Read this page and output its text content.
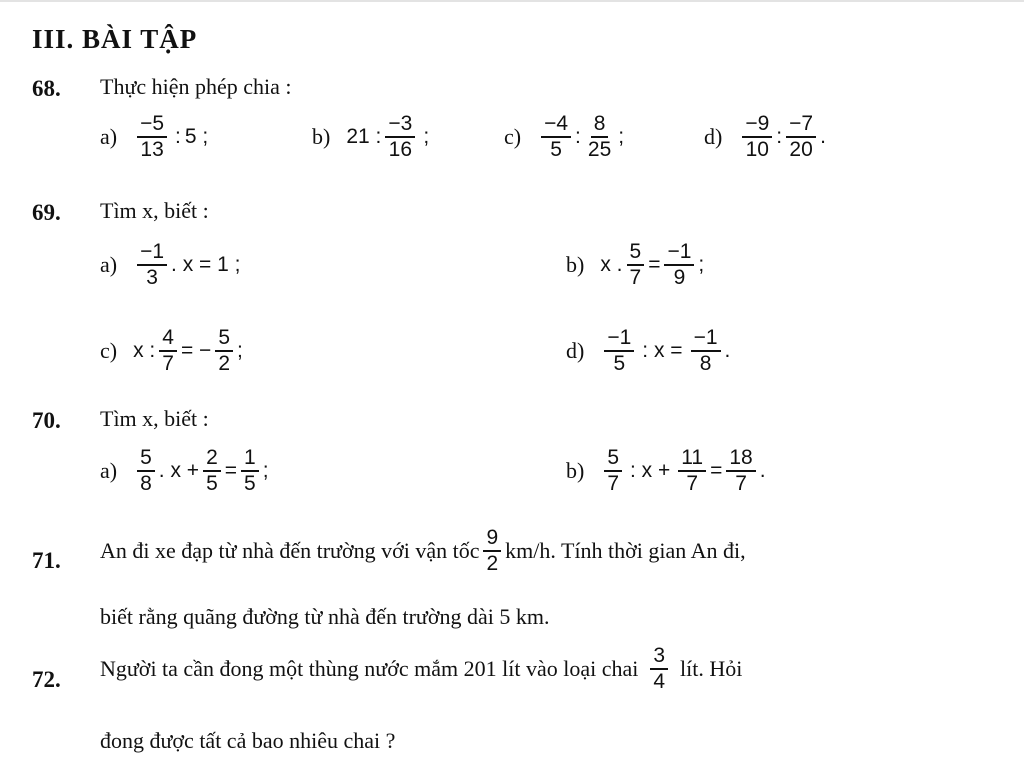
III. BÀI TẬP
68. Thực hiện phép chia :
$a) \frac{-5}{13}$ : 5 ;	b) 21 : $\frac{-3}{16}$ ;	$c) \frac{-4}{5}$ : $\frac{8}{25}$ ;	$d) \frac{-9}{10}$ : $\frac{-7}{20}$ .
69. Tìm x, biết :
$a) \frac{-1}{3}$ . x = 1 ;	b) x . $\frac{5}{7} = \frac{-1}{9}$ ;
c) x : $\frac{4}{7}$ = − $\frac{5}{2}$ ;	$d) \frac{-1}{5}$ : $x = \frac{-1}{8}$ .
70. Tìm x, biết :
$a) \frac{5}{8}$ . $x + \frac{2}{5} = \frac{1}{5}$ ;	$b) \frac{5}{7}$ : $x + \frac{11}{7} = \frac{18}{7}$ .
71. An đi xe đạp từ nhà đến trường với vận tốc $\frac{9}{2} km/h$. Tính thời gian An đi,
biết rằng quãng đường từ nhà đến trường dài 5 km.
72. Người ta cần đong một thùng nước mắm 201 lít vào loại chai $\frac{3}{4}$ lít. Hỏi
đong được tất cả bao nhiêu chai ?
